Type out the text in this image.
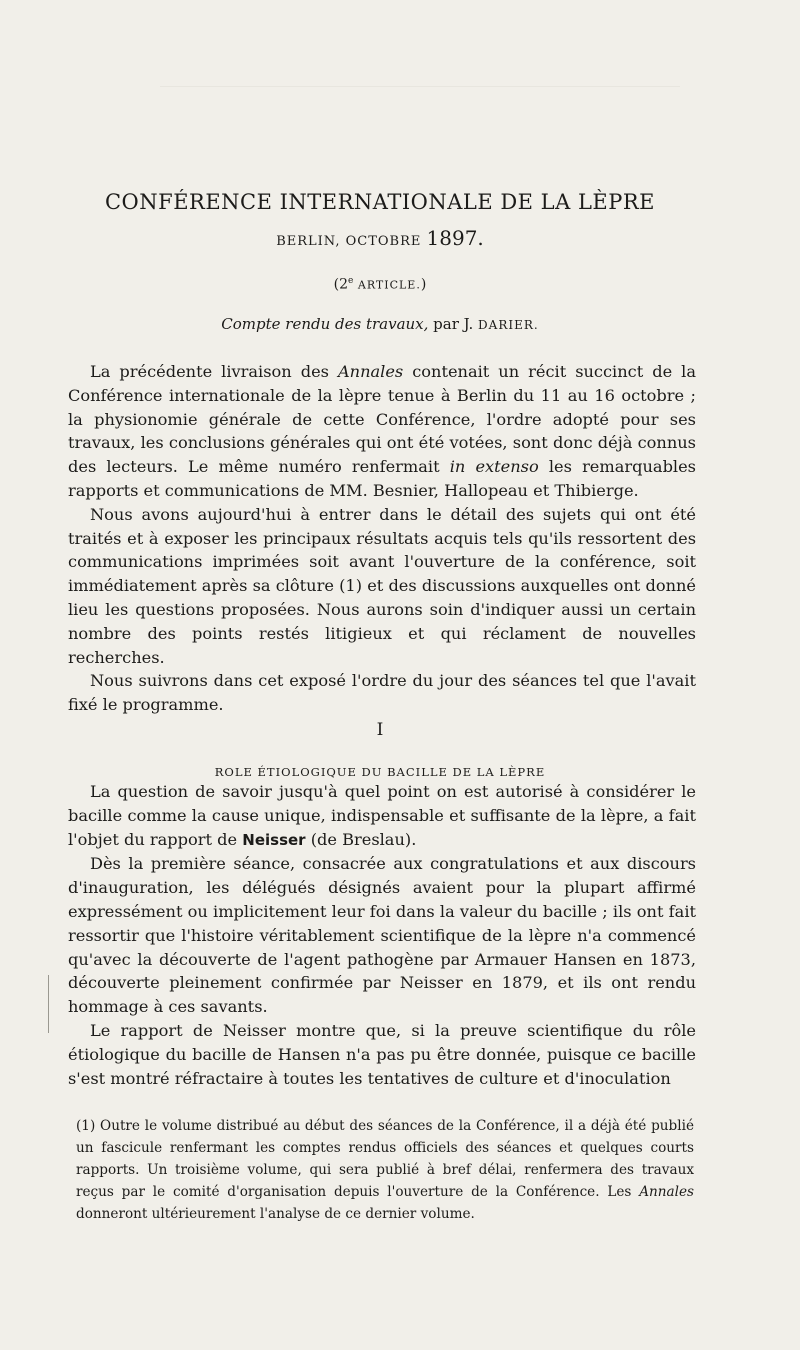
CONFÉRENCE INTERNATIONALE DE LA LÈPRE
BERLIN, OCTOBRE 1897.
(2e ARTICLE.)
Compte rendu des travaux, par J. DARIER.

La précédente livraison des Annales contenait un récit succinct de la Conférence internationale de la lèpre tenue à Berlin du 11 au 16 octobre ; la physionomie générale de cette Conférence, l'ordre adopté pour ses travaux, les conclusions générales qui ont été votées, sont donc déjà connus des lecteurs. Le même numéro renfermait in extenso les remarquables rapports et communications de MM. Besnier, Hallopeau et Thibierge.

Nous avons aujourd'hui à entrer dans le détail des sujets qui ont été traités et à exposer les principaux résultats acquis tels qu'ils ressortent des communications imprimées soit avant l'ouverture de la conférence, soit immédiatement après sa clôture (1) et des discussions auxquelles ont donné lieu les questions proposées. Nous aurons soin d'indiquer aussi un certain nombre des points restés litigieux et qui réclament de nouvelles recherches.

Nous suivrons dans cet exposé l'ordre du jour des séances tel que l'avait fixé le programme.

I
ROLE ÉTIOLOGIQUE DU BACILLE DE LA LÈPRE

La question de savoir jusqu'à quel point on est autorisé à considérer le bacille comme la cause unique, indispensable et suffisante de la lèpre, a fait l'objet du rapport de Neisser (de Breslau).

Dès la première séance, consacrée aux congratulations et aux discours d'inauguration, les délégués désignés avaient pour la plupart affirmé expressément ou implicitement leur foi dans la valeur du bacille ; ils ont fait ressortir que l'histoire véritablement scientifique de la lèpre n'a commencé qu'avec la découverte de l'agent pathogène par Armauer Hansen en 1873, découverte pleinement confirmée par Neisser en 1879, et ils ont rendu hommage à ces savants.

Le rapport de Neisser montre que, si la preuve scientifique du rôle étiologique du bacille de Hansen n'a pas pu être donnée, puisque ce bacille s'est montré réfractaire à toutes les tentatives de culture et d'inoculation

(1) Outre le volume distribué au début des séances de la Conférence, il a déjà été publié un fascicule renfermant les comptes rendus officiels des séances et quelques courts rapports. Un troisième volume, qui sera publié à bref délai, renfermera des travaux reçus par le comité d'organisation depuis l'ouverture de la Conférence. Les Annales donneront ultérieurement l'analyse de ce dernier volume.
